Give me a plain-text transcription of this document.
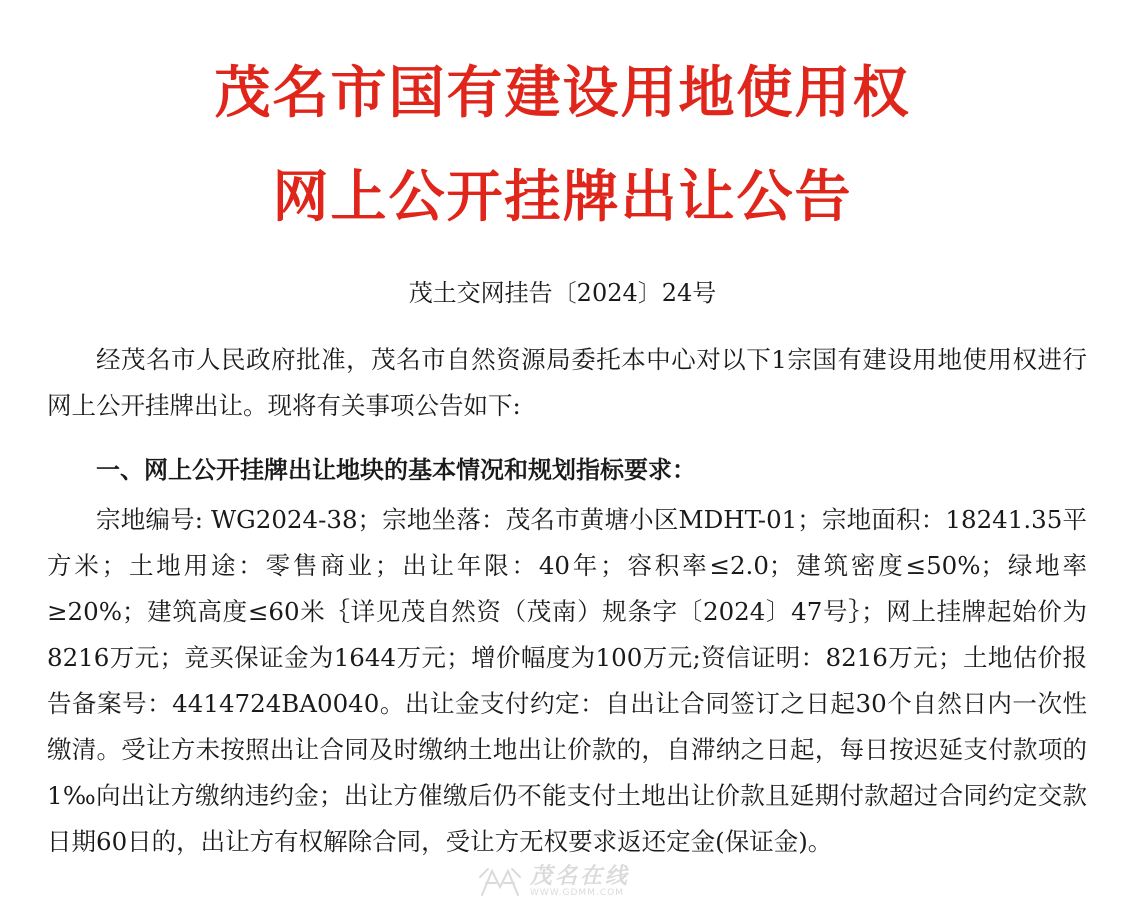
茂名市国有建设用地使用权
网上公开挂牌出让公告
茂土交网挂告〔2024〕24号
经茂名市人民政府批准，茂名市自然资源局委托本中心对以下1宗国有建设用地使用权进行网上公开挂牌出让。现将有关事项公告如下:
一、网上公开挂牌出让地块的基本情况和规划指标要求：
宗地编号: WG2024-38；宗地坐落：茂名市黄塘小区MDHT-01；宗地面积：18241.35平方米；土地用途：零售商业；出让年限：40年；容积率≤2.0；建筑密度≤50%；绿地率≥20%；建筑高度≤60米｛详见茂自然资（茂南）规条字〔2024〕47号｝；网上挂牌起始价为8216万元；竞买保证金为1644万元；增价幅度为100万元;资信证明：8216万元；土地估价报告备案号：4414724BA0040。出让金支付约定：自出让合同签订之日起30个自然日内一次性缴清。受让方未按照出让合同及时缴纳土地出让价款的，自滞纳之日起，每日按迟延支付款项的1‰向出让方缴纳违约金；出让方催缴后仍不能支付土地出让价款且延期付款超过合同约定交款日期60日的，出让方有权解除合同，受让方无权要求返还定金(保证金)。
茂名在线
WWW.GDMM.COM
